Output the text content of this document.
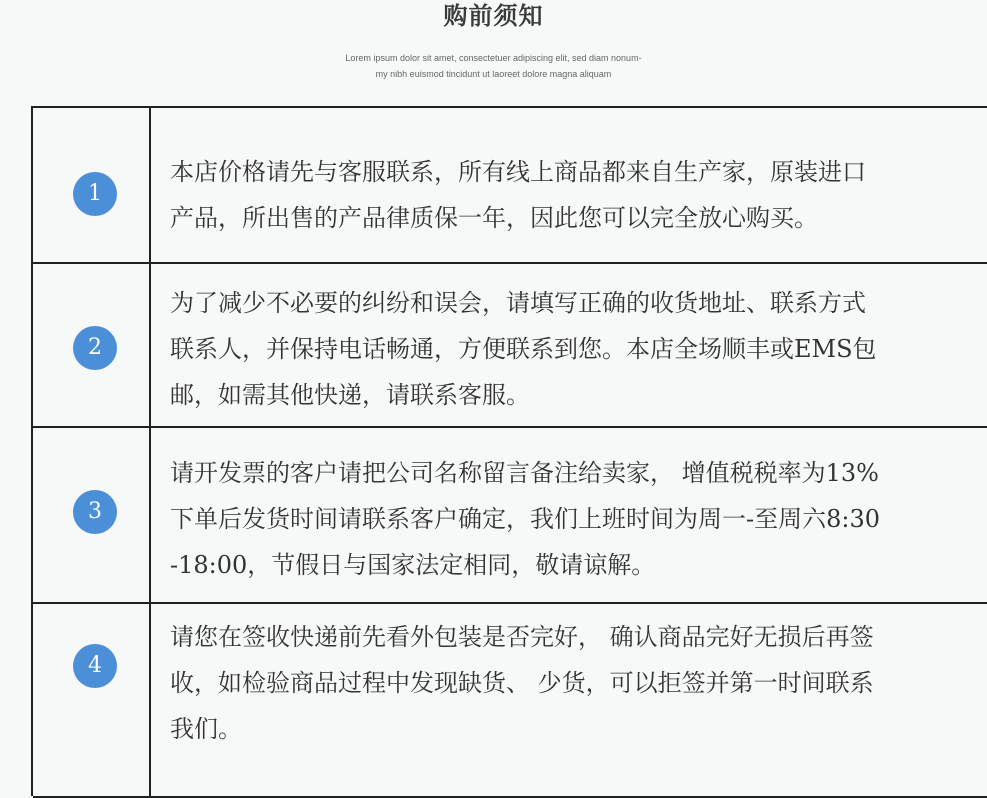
购前须知
Lorem ipsum dolor sit amet, consectetuer adipiscing elit, sed diam nonum-
my nibh euismod tincidunt ut laoreet dolore magna aliquam
1
本店价格请先与客服联系，所有线上商品都来自生产家，原装进口
产品，所出售的产品律质保一年，因此您可以完全放心购买。
2
为了减少不必要的纠纷和误会，请填写正确的收货地址、联系方式
联系人，并保持电话畅通，方便联系到您。本店全场顺丰或EMS包
邮，如需其他快递，请联系客服。
3
请开发票的客户请把公司名称留言备注给卖家， 增值税税率为13%
下单后发货时间请联系客户确定，我们上班时间为周一-至周六8:30
-18:00，节假日与国家法定相同，敬请谅解。
4
请您在签收快递前先看外包装是否完好， 确认商品完好无损后再签
收，如检验商品过程中发现缺货、 少货，可以拒签并第一时间联系
我们。
